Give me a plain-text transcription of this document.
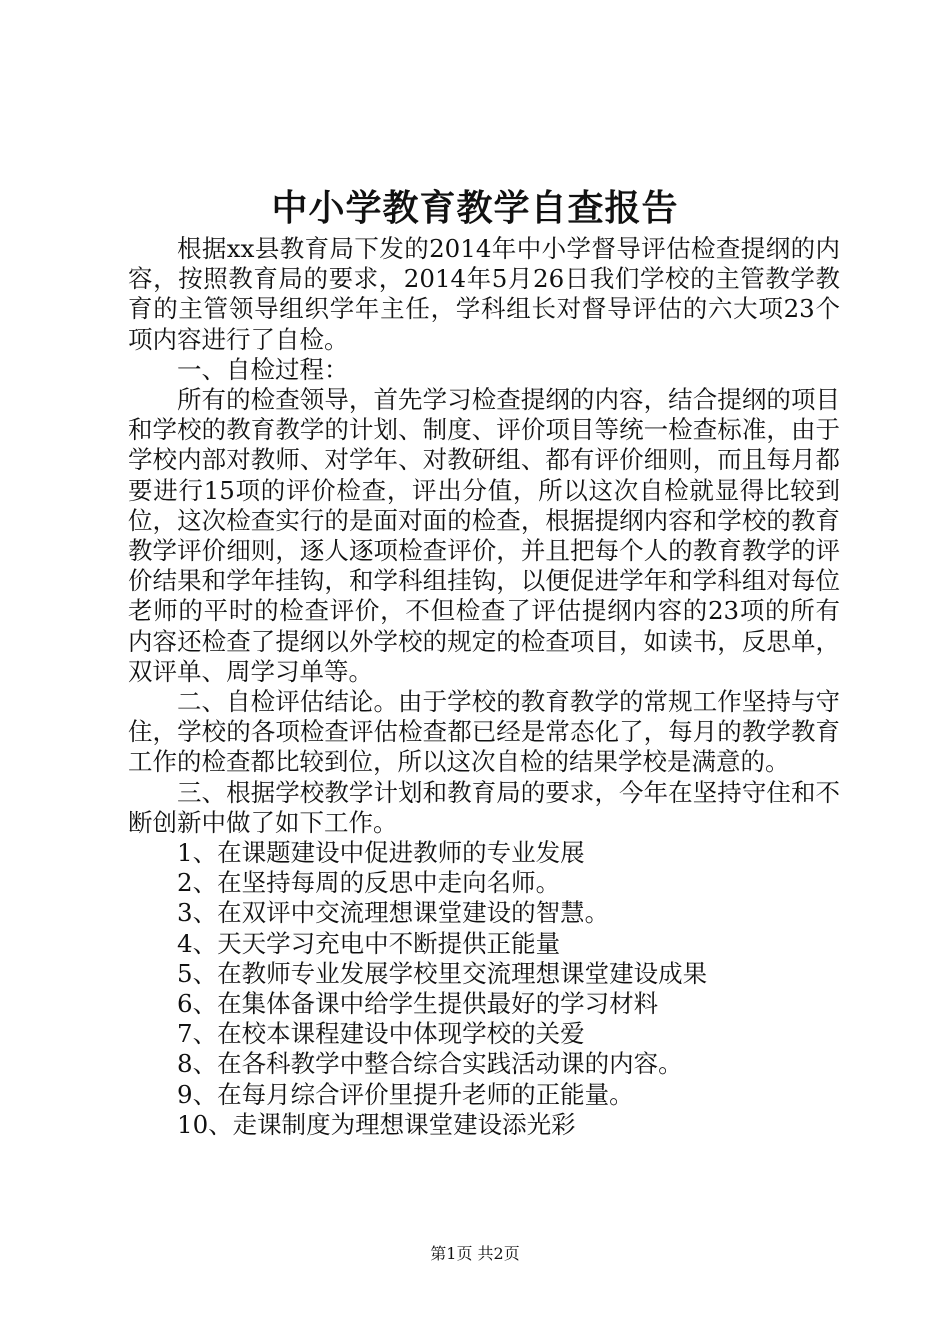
中小学教育教学自查报告

根据xx县教育局下发的2014年中小学督导评估检查提纲的内容，按照教育局的要求，2014年5月26日我们学校的主管教学教育的主管领导组织学年主任，学科组长对督导评估的六大项23个项内容进行了自检。

一、自检过程：

所有的检查领导，首先学习检查提纲的内容，结合提纲的项目和学校的教育教学的计划、制度、评价项目等统一检查标准，由于学校内部对教师、对学年、对教研组、都有评价细则，而且每月都要进行15项的评价检查，评出分值，所以这次自检就显得比较到位，这次检查实行的是面对面的检查，根据提纲内容和学校的教育教学评价细则，逐人逐项检查评价，并且把每个人的教育教学的评价结果和学年挂钩，和学科组挂钩，以便促进学年和学科组对每位老师的平时的检查评价，不但检查了评估提纲内容的23项的所有内容还检查了提纲以外学校的规定的检查项目，如读书，反思单，双评单、周学习单等。

二、自检评估结论。由于学校的教育教学的常规工作坚持与守住，学校的各项检查评估检查都已经是常态化了，每月的教学教育工作的检查都比较到位，所以这次自检的结果学校是满意的。

三、根据学校教学计划和教育局的要求，今年在坚持守住和不断创新中做了如下工作。

1、在课题建设中促进教师的专业发展

2、在坚持每周的反思中走向名师。

3、在双评中交流理想课堂建设的智慧。

4、天天学习充电中不断提供正能量

5、在教师专业发展学校里交流理想课堂建设成果

6、在集体备课中给学生提供最好的学习材料

7、在校本课程建设中体现学校的关爱

8、在各科教学中整合综合实践活动课的内容。

9、在每月综合评价里提升老师的正能量。

10、走课制度为理想课堂建设添光彩

第1页 共2页
